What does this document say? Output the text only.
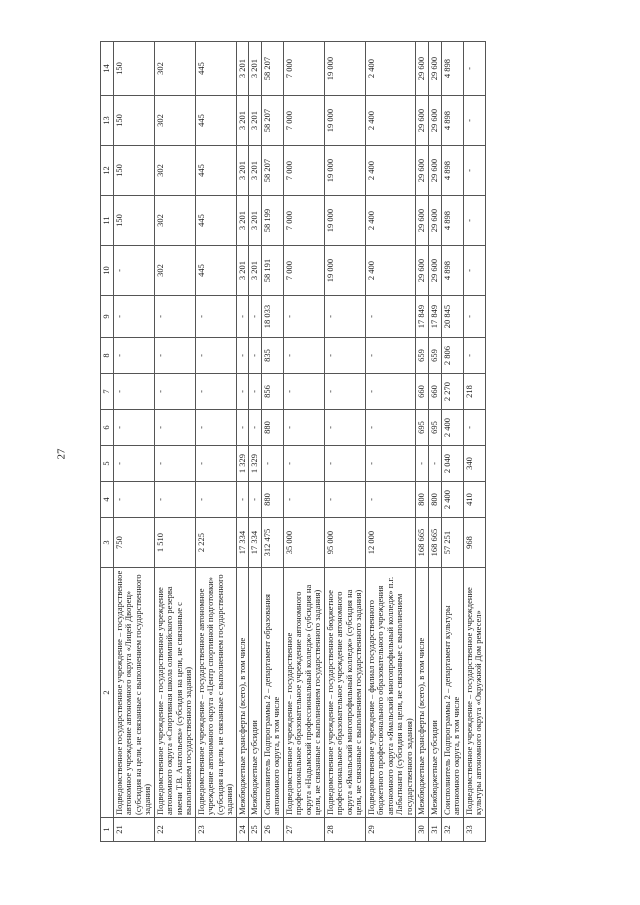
27
1	2	3	4	5	6	7	8	9	10	11	12	13	14
21	Подведомственное государственное учреждение – государственное автономное учреждение автономного округа «Лицей Дворец» (субсидия на цели, не связанные с выполнением государственного задания)	750	-	-	-	-	-	-	-	150	150	150	150
22	Подведомственное учреждение – государственное учреждение автономного округа «Спортивная школа олимпийского резерва имени Т.В. Анатольева» (субсидия на цели, не связанные с выполнением государственного задания)	1 510	-	-	-	-	-	-	302	302	302	302	302
23	Подведомственное учреждение – государственное автономное учреждение автономного округа «Центр спортивной подготовки» (субсидия на цели, не связанные с выполнением государственного задания)	2 225	-	-	-	-	-	-	445	445	445	445	445
24	Межбюджетные трансферты (всего), в том числе	17 334	-	1 329	-	-	-	-	3 201	3 201	3 201	3 201	3 201
25	Межбюджетные субсидии	17 334	-	1 329	-	-	-	-	3 201	3 201	3 201	3 201	3 201
26	Соисполнитель Подпрограммы 2 – департамент образования автономного округа, в том числе	312 475	880	-	880	856	835	18 033	58 191	58 199	58 207	58 207	58 207
27	Подведомственное учреждение – государственное профессиональное образовательное учреждение автономного округа «Надымский профессиональный колледж» (субсидия на цели, не связанные с выполнением государственного задания)	35 000	-	-	-	-	-	-	7 000	7 000	7 000	7 000	7 000
28	Подведомственное учреждение – государственное бюджетное профессиональное образовательное учреждение автономного округа «Ямальский многопрофильный колледж» (субсидия на цели, не связанные с выполнением государственного задания)	95 000	-	-	-	-	-	-	19 000	19 000	19 000	19 000	19 000
29	Подведомственное учреждение – филиал государственного бюджетного профессионального образовательного учреждения автономного округа «Ямальский многопрофильный колледж» п.г. Лабытнанги (субсидия на цели, не связанные с выполнением государственного задания)	12 000	-	-	-	-	-	-	2 400	2 400	2 400	2 400	2 400
30	Межбюджетные трансферты (всего), в том числе	168 665	800	-	695	660	659	17 849	29 600	29 600	29 600	29 600	29 600
31	Межбюджетные субсидии	168 665	800	-	695	660	659	17 849	29 600	29 600	29 600	29 600	29 600
32	Соисполнитель Подпрограммы 2 – департамент культуры автономного округа, в том числе	57 251	2 400	2 040	2 400	2 270	2 806	20 845	4 898	4 898	4 898	4 898	4 898
33	Подведомственное учреждение – государственное учреждение культуры автономного округа «Окружной Дом ремесел»	968	410	340	-	218	-	-	-	-	-	-	-
